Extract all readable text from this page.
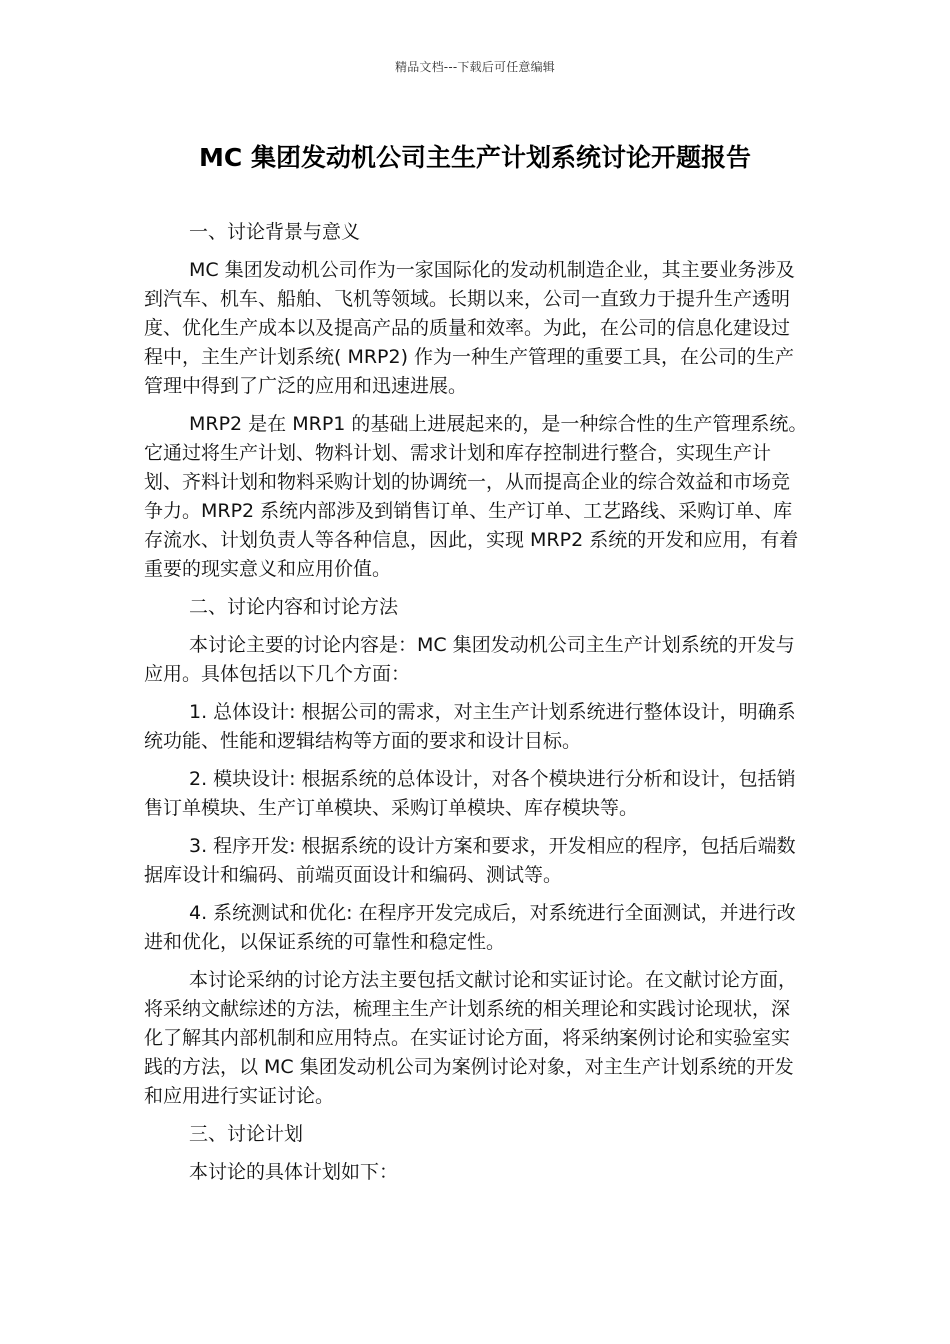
精品文档---下载后可任意编辑
MC 集团发动机公司主生产计划系统讨论开题报告

一、讨论背景与意义

MC 集团发动机公司作为一家国际化的发动机制造企业，其主要业务涉及到汽车、机车、船舶、飞机等领域。长期以来，公司一直致力于提升生产透明度、优化生产成本以及提高产品的质量和效率。为此，在公司的信息化建设过程中，主生产计划系统( MRP2) 作为一种生产管理的重要工具，在公司的生产管理中得到了广泛的应用和迅速进展。

MRP2 是在 MRP1 的基础上进展起来的，是一种综合性的生产管理系统。它通过将生产计划、物料计划、需求计划和库存控制进行整合，实现生产计划、齐料计划和物料采购计划的协调统一，从而提高企业的综合效益和市场竞争力。MRP2 系统内部涉及到销售订单、生产订单、工艺路线、采购订单、库存流水、计划负责人等各种信息，因此，实现 MRP2 系统的开发和应用，有着重要的现实意义和应用价值。

二、讨论内容和讨论方法

本讨论主要的讨论内容是：MC 集团发动机公司主生产计划系统的开发与应用。具体包括以下几个方面：

1. 总体设计: 根据公司的需求，对主生产计划系统进行整体设计，明确系统功能、性能和逻辑结构等方面的要求和设计目标。

2. 模块设计: 根据系统的总体设计，对各个模块进行分析和设计，包括销售订单模块、生产订单模块、采购订单模块、库存模块等。

3. 程序开发: 根据系统的设计方案和要求，开发相应的程序，包括后端数据库设计和编码、前端页面设计和编码、测试等。

4. 系统测试和优化: 在程序开发完成后，对系统进行全面测试，并进行改进和优化，以保证系统的可靠性和稳定性。

本讨论采纳的讨论方法主要包括文献讨论和实证讨论。在文献讨论方面，将采纳文献综述的方法，梳理主生产计划系统的相关理论和实践讨论现状，深化了解其内部机制和应用特点。在实证讨论方面，将采纳案例讨论和实验室实践的方法，以 MC 集团发动机公司为案例讨论对象，对主生产计划系统的开发和应用进行实证讨论。

三、讨论计划

本讨论的具体计划如下：
